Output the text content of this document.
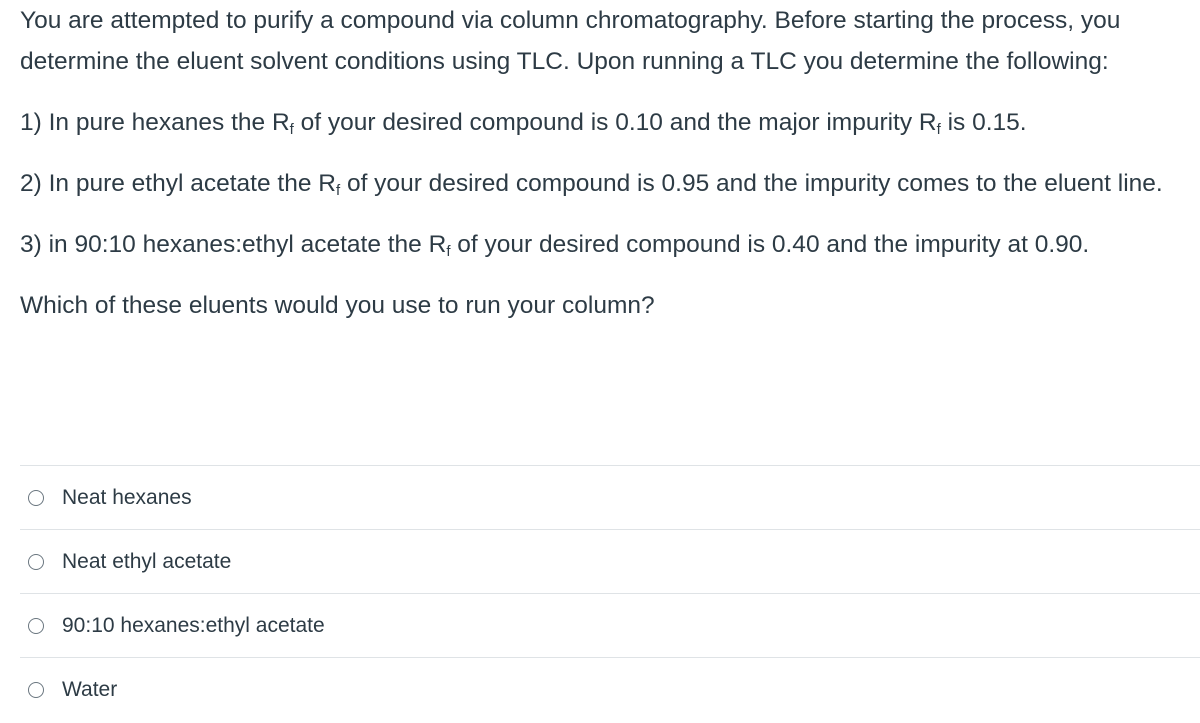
You are attempted to purify a compound via column chromatography. Before starting the process, you determine the eluent solvent conditions using TLC. Upon running a TLC you determine the following:

1) In pure hexanes the $R_f$ of your desired compound is 0.10 and the major impurity $R_f$ is 0.15.

2) In pure ethyl acetate the $R_f$ of your desired compound is 0.95 and the impurity comes to the eluent line.

3) in 90:10 hexanes:ethyl acetate the $R_f$ of your desired compound is 0.40 and the impurity at 0.90.

Which of these eluents would you use to run your column?

Neat hexanes
Neat ethyl acetate
90:10 hexanes:ethyl acetate
Water
